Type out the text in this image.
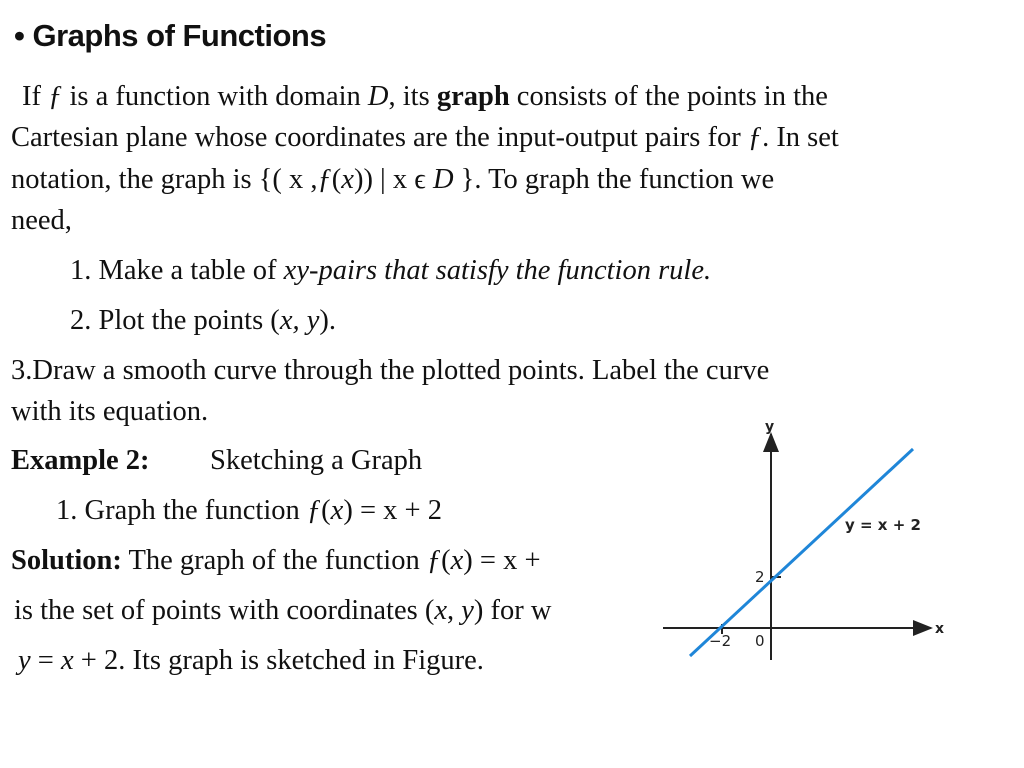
• Graphs of Functions
If ƒ is a function with domain D, its graph consists of the points in the
Cartesian plane whose coordinates are the input-output pairs for ƒ. In set
notation, the graph is {( x ,ƒ(x)) | x ϵ D }. To graph the function we
need,
1. Make a table of xy-pairs that satisfy the function rule.
2. Plot the points (x, y).
3.Draw a smooth curve through the plotted points. Label the curve
with its equation.
Example 2: Sketching a Graph
1. Graph the function ƒ(x) = x + 2
Solution: The graph of the function ƒ(x) = x +
is the set of points with coordinates (x, y) for w
y = x + 2. Its graph is sketched in Figure.
y
x
2
−2 0
y = x + 2
